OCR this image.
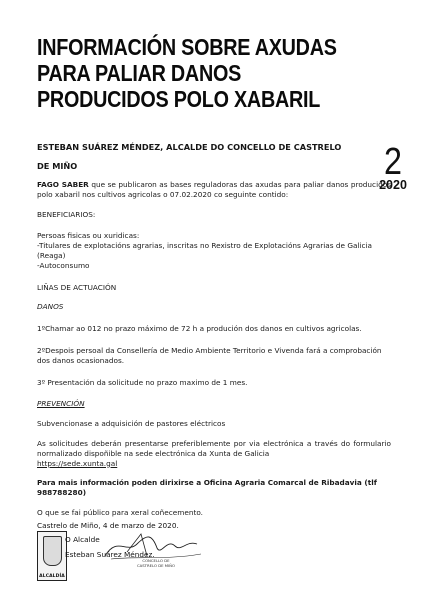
INFORMACIÓN SOBRE AXUDAS
PARA PALIAR DANOS
PRODUCIDOS POLO XABARIL
ESTEBAN SUÁREZ MÉNDEZ, ALCALDE DO CONCELLO DE CASTRELO
DE MIÑO	2
2020

FAGO SABER que se publicaron as bases reguladoras das axudas para paliar danos producidos polo xabaril nos cultivos agricolas o 07.02.2020 co seguinte contido:

BENEFICIARIOS:

Persoas fisicas ou xuridicas:

-Titulares de explotacións agrarias, inscritas no Rexistro de Explotacións Agrarias de Galicia (Reaga)

-Autoconsumo

LIÑAS DE ACTUACIÓN

DANOS

1ºChamar ao 012 no prazo máximo de 72 h a produción dos danos en cultivos agricolas.

2ºDespois persoal da Consellería de Medio Ambiente Territorio e Vivenda fará a comprobación dos danos ocasionados.

3º Presentación da solicitude no prazo maximo de 1 mes.

PREVENCIÓN

Subvencionase a adquisición de pastores eléctricos

As solicitudes deberán presentarse preferiblemente por via electrónica a través do formulario normalizado dispoñible na sede electrónica da Xunta de Galicia
https://sede.xunta.gal

Para mais información poden dirixirse a Oficina Agraria Comarcal de Ribadavia (tlf 988788280)

O que se fai público para xeral coñecemento.

ALCALDÍA
Castrelo de Miño, 4 de marzo de 2020.
O Alcalde
Esteban Suárez Méndez.
CONCELLO DE
CASTRELO DE MIÑO
